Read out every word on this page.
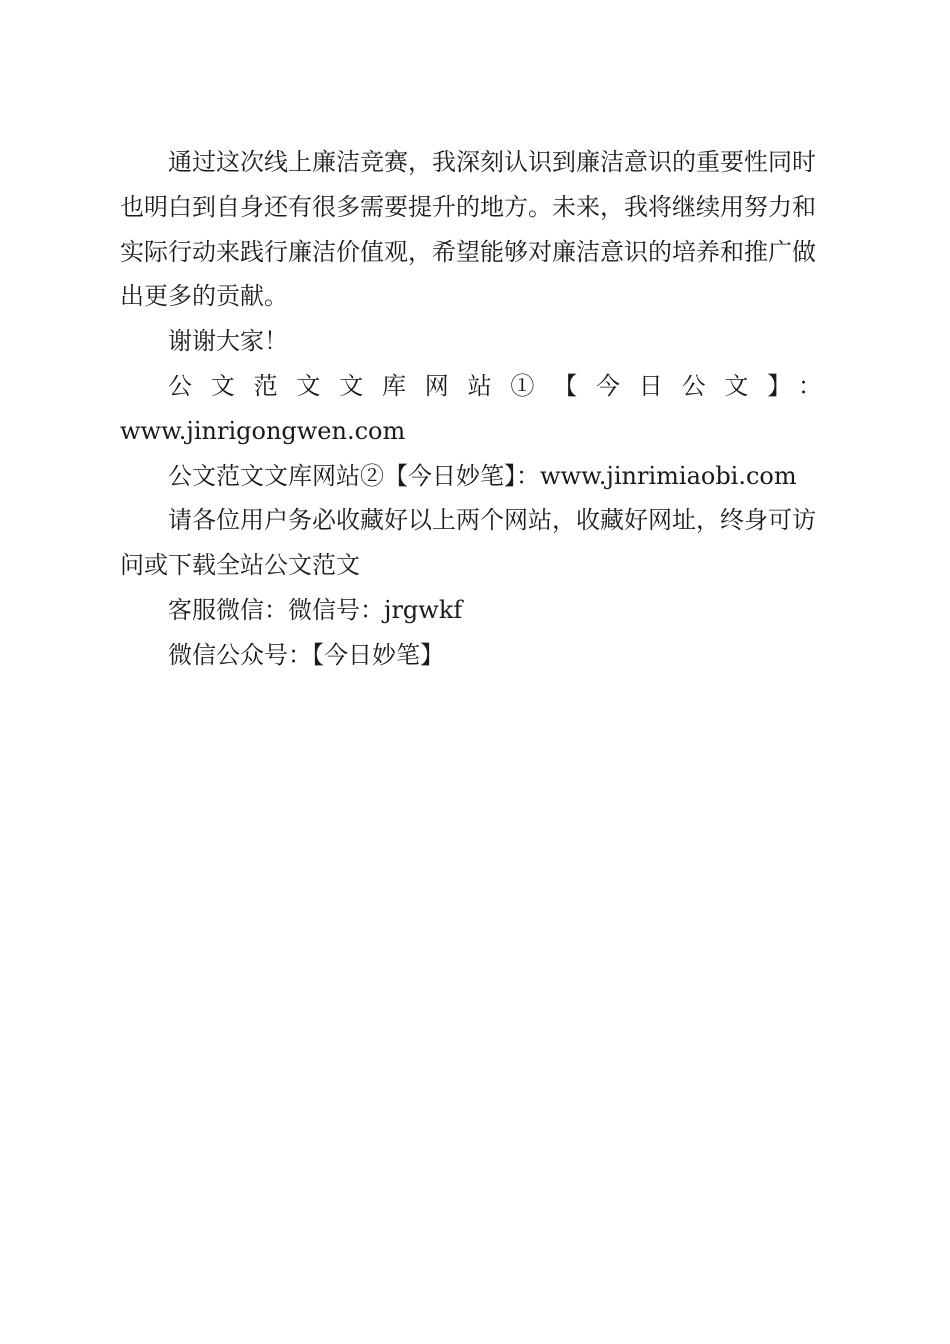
通过这次线上廉洁竞赛，我深刻认识到廉洁意识的重要性同时也明白到自身还有很多需要提升的地方。未来，我将继续用努力和实际行动来践行廉洁价值观，希望能够对廉洁意识的培养和推广做出更多的贡献。

谢谢大家！

公文范文文库网站①【今日公文】：

www.jinrigongwen.com

公文范文文库网站②【今日妙笔】：www.jinrimiaobi.com

请各位用户务必收藏好以上两个网站，收藏好网址，终身可访问或下载全站公文范文

客服微信：微信号：jrgwkf

微信公众号：【今日妙笔】
